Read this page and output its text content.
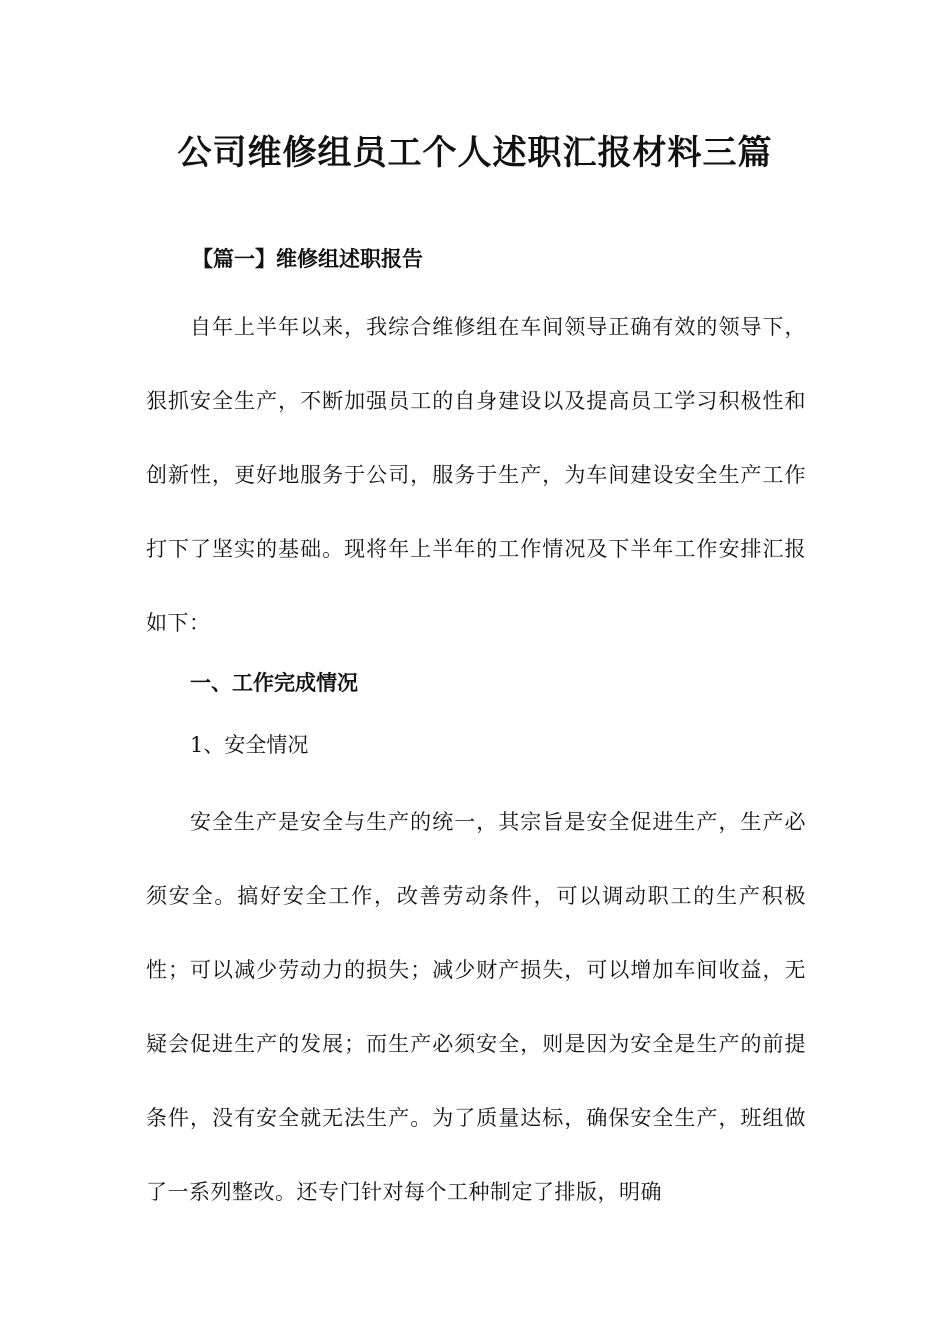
公司维修组员工个人述职汇报材料三篇
【篇一】维修组述职报告
自年上半年以来，我综合维修组在车间领导正确有效的领导下，狠抓安全生产，不断加强员工的自身建设以及提高员工学习积极性和创新性，更好地服务于公司，服务于生产，为车间建设安全生产工作打下了坚实的基础。现将年上半年的工作情况及下半年工作安排汇报如下：
一、工作完成情况
1、安全情况
安全生产是安全与生产的统一，其宗旨是安全促进生产，生产必须安全。搞好安全工作，改善劳动条件，可以调动职工的生产积极性；可以减少劳动力的损失；减少财产损失，可以增加车间收益，无疑会促进生产的发展；而生产必须安全，则是因为安全是生产的前提条件，没有安全就无法生产。为了质量达标，确保安全生产，班组做了一系列整改。还专门针对每个工种制定了排版，明确
